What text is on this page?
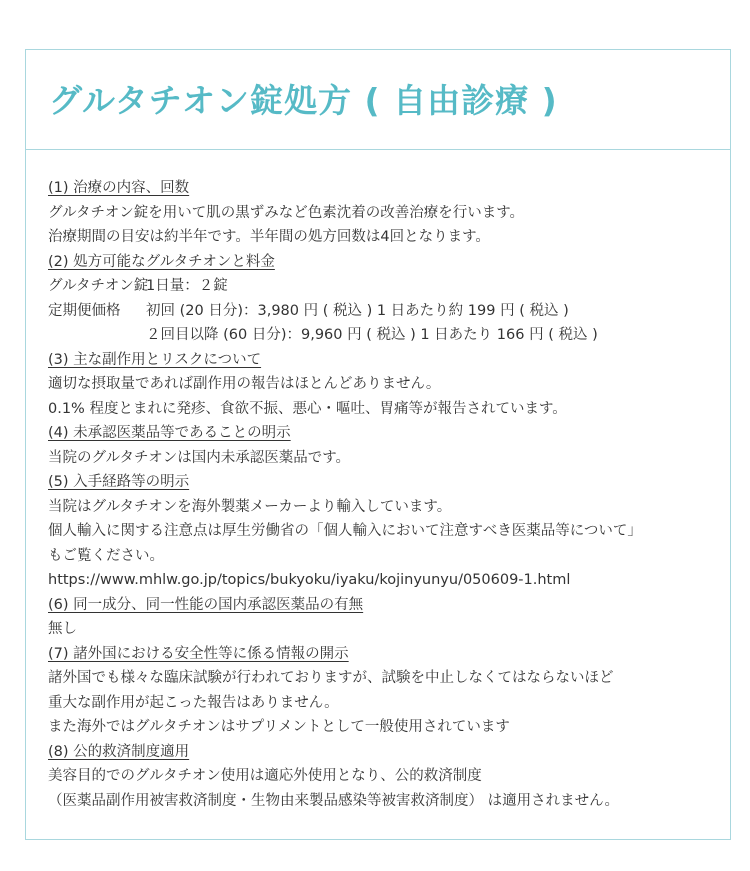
グルタチオン錠処方 ( 自由診療 )
(1) 治療の内容、回数
グルタチオン錠を用いて肌の黒ずみなど色素沈着の改善治療を行います。
治療期間の目安は約半年です。半年間の処方回数は4回となります。
(2) 処方可能なグルタチオンと料金
グルタチオン錠
1日量：２錠
定期便価格	初回 (20 日分)：3,980 円 ( 税込 ) 1 日あたり約 199 円 ( 税込 )
２回目以降 (60 日分)：9,960 円 ( 税込 ) 1 日あたり 166 円 ( 税込 )
(3) 主な副作用とリスクについて
適切な摂取量であれば副作用の報告はほとんどありません。
0.1% 程度とまれに発疹、食欲不振、悪心・嘔吐、胃痛等が報告されています。
(4) 未承認医薬品等であることの明示
当院のグルタチオンは国内未承認医薬品です。
(5) 入手経路等の明示
当院はグルタチオンを海外製薬メーカーより輸入しています。
個人輸入に関する注意点は厚生労働省の「個人輸入において注意すべき医薬品等について」
もご覧ください。
https://www.mhlw.go.jp/topics/bukyoku/iyaku/kojinyunyu/050609-1.html
(6) 同一成分、同一性能の国内承認医薬品の有無
無し
(7) 諸外国における安全性等に係る情報の開示
諸外国でも様々な臨床試験が行われておりますが、試験を中止しなくてはならないほど
重大な副作用が起こった報告はありません。
また海外ではグルタチオンはサプリメントとして一般使用されています
(8) 公的救済制度適用
美容目的でのグルタチオン使用は適応外使用となり、公的救済制度
（医薬品副作用被害救済制度・生物由来製品感染等被害救済制度） は適用されません。
